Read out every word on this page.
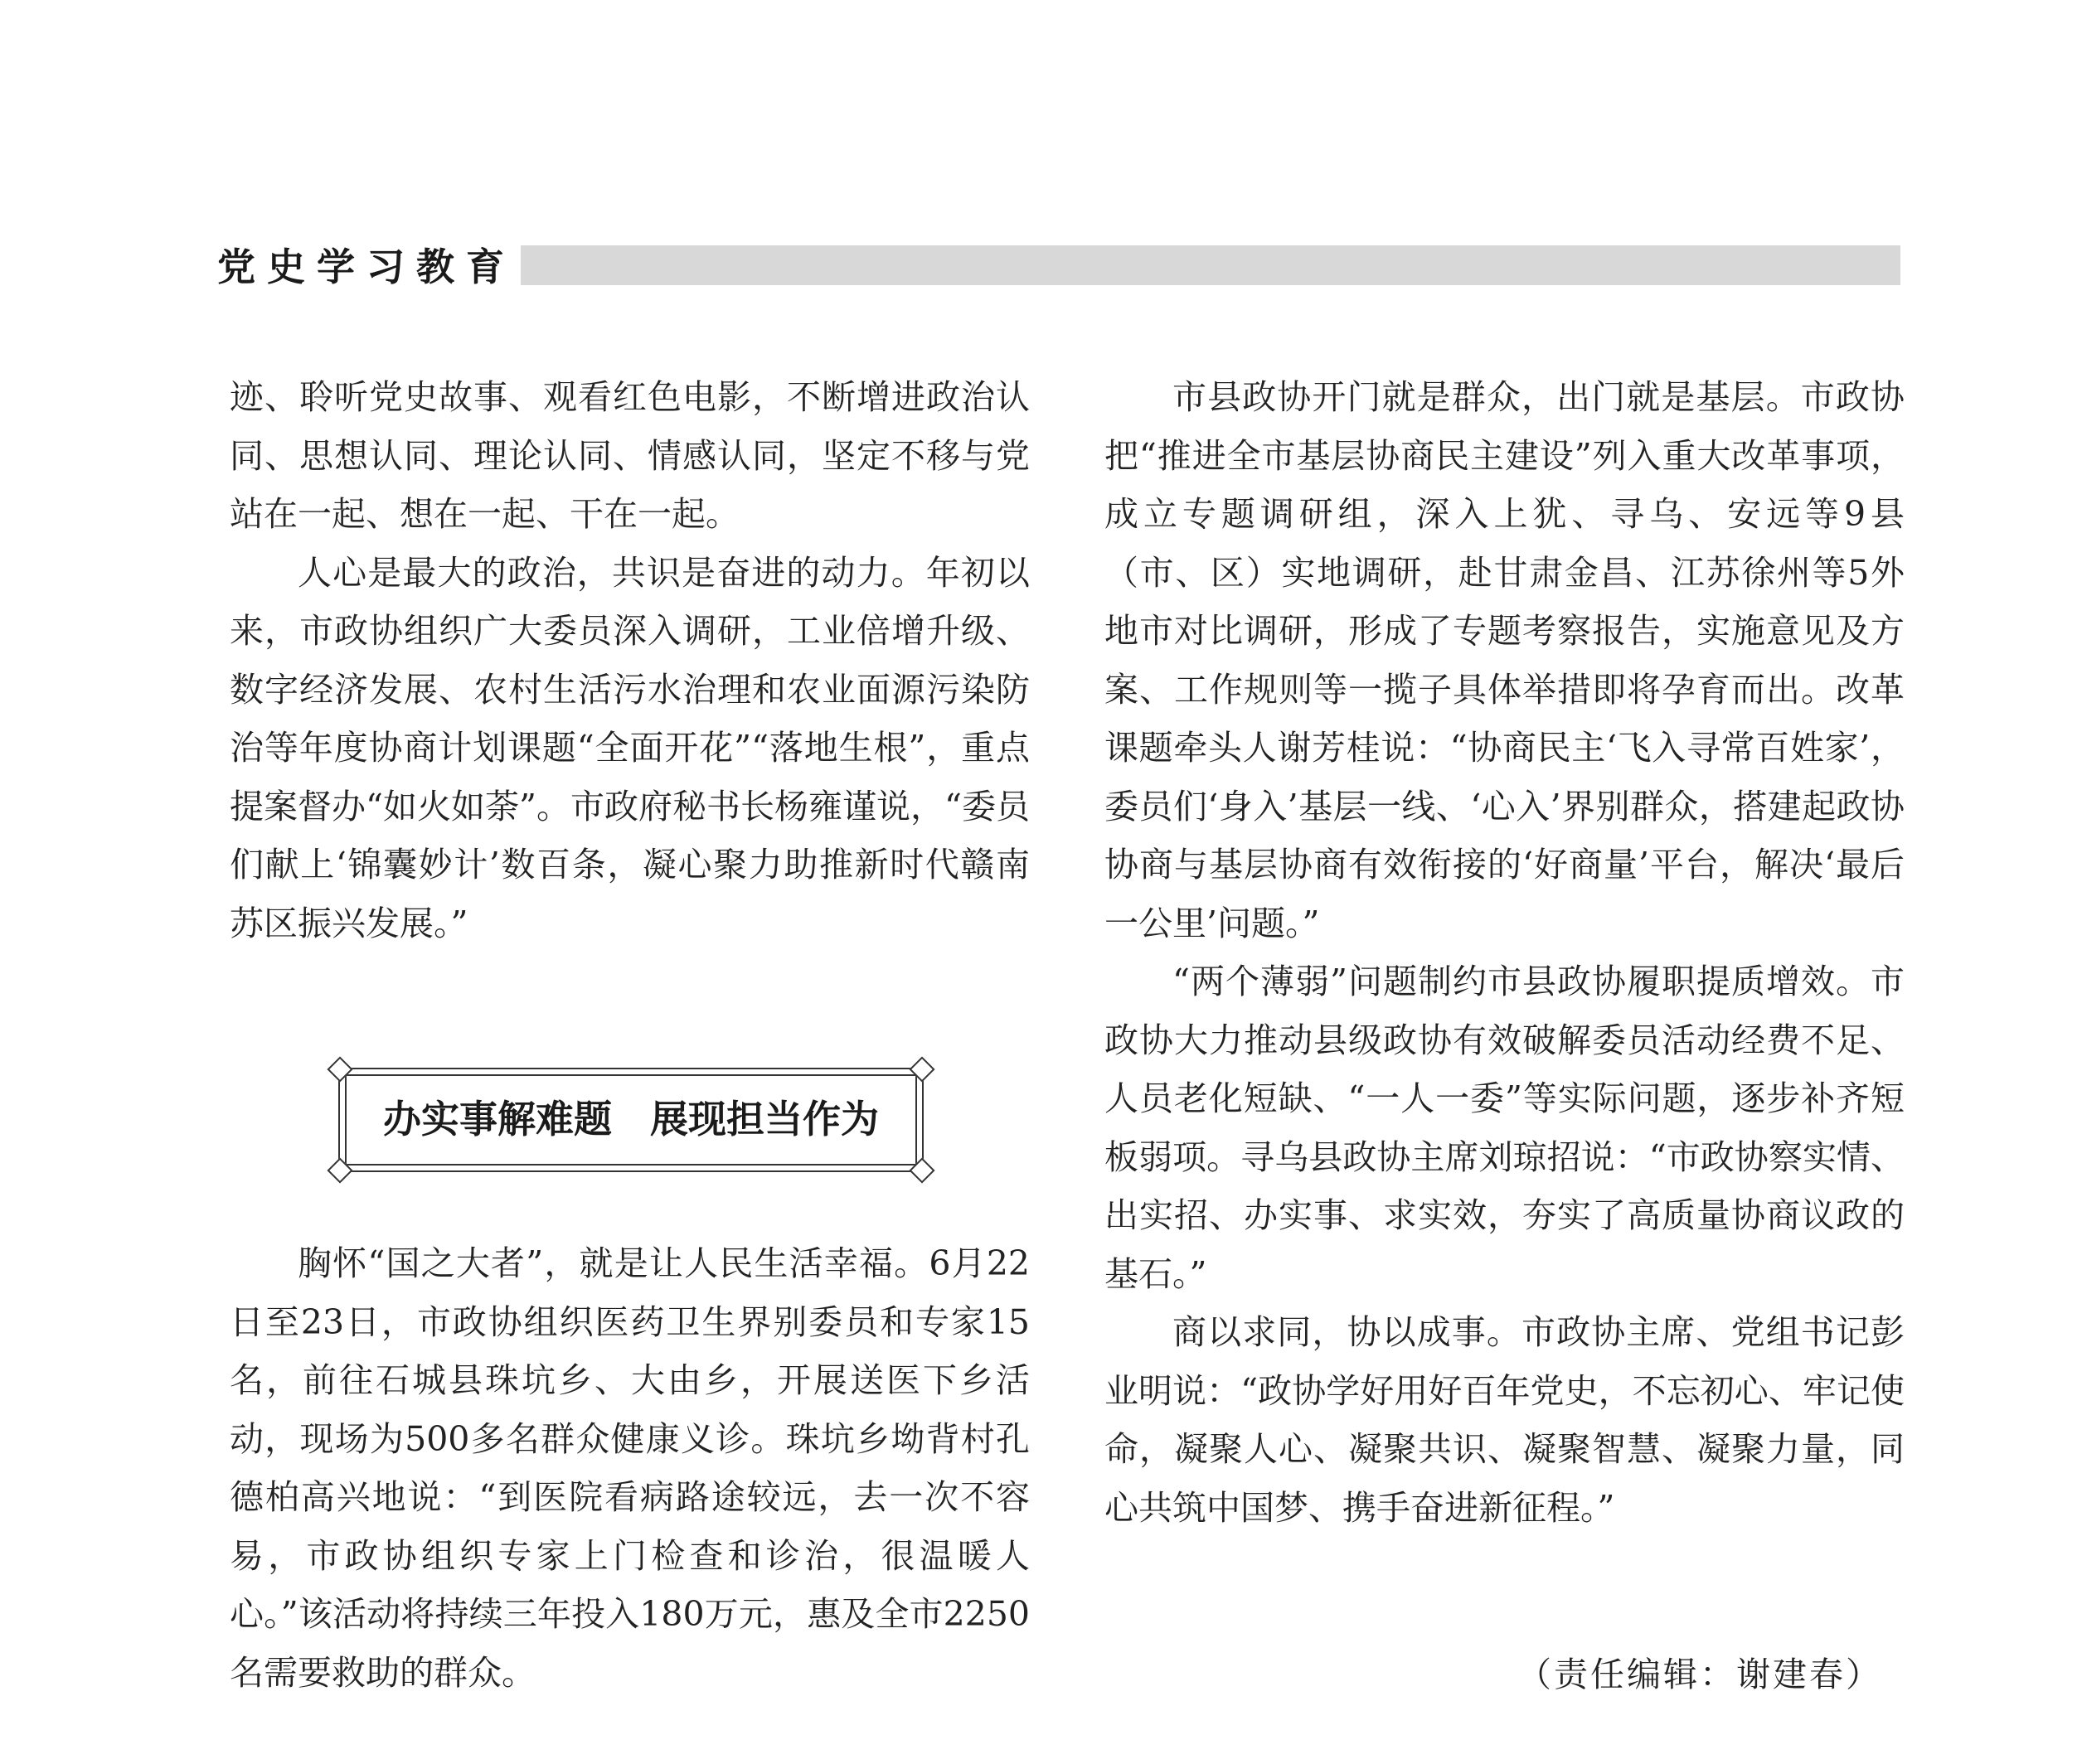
党史学习教育

迹、聆听党史故事、观看红色电影，不断增进政治认同、思想认同、理论认同、情感认同，坚定不移与党站在一起、想在一起、干在一起。

人心是最大的政治，共识是奋进的动力。年初以来，市政协组织广大委员深入调研，工业倍增升级、数字经济发展、农村生活污水治理和农业面源污染防治等年度协商计划课题“全面开花”“落地生根”，重点提案督办“如火如荼”。市政府秘书长杨雍谨说，“委员们献上‘锦囊妙计’数百条，凝心聚力助推新时代赣南苏区振兴发展。”

办实事解难题　展现担当作为

胸怀“国之大者”，就是让人民生活幸福。6月22日至23日，市政协组织医药卫生界别委员和专家15名，前往石城县珠坑乡、大由乡，开展送医下乡活动，现场为500多名群众健康义诊。珠坑乡坳背村孔德柏高兴地说：“到医院看病路途较远，去一次不容易，市政协组织专家上门检查和诊治，很温暖人心。”该活动将持续三年投入180万元，惠及全市2250名需要救助的群众。

市县政协开门就是群众，出门就是基层。市政协把“推进全市基层协商民主建设”列入重大改革事项，成立专题调研组，深入上犹、寻乌、安远等9县（市、区）实地调研，赴甘肃金昌、江苏徐州等5外地市对比调研，形成了专题考察报告，实施意见及方案、工作规则等一揽子具体举措即将孕育而出。改革课题牵头人谢芳桂说：“协商民主‘飞入寻常百姓家’，委员们‘身入’基层一线、‘心入’界别群众，搭建起政协协商与基层协商有效衔接的‘好商量’平台，解决‘最后一公里’问题。”

“两个薄弱”问题制约市县政协履职提质增效。市政协大力推动县级政协有效破解委员活动经费不足、人员老化短缺、“一人一委”等实际问题，逐步补齐短板弱项。寻乌县政协主席刘琼招说：“市政协察实情、出实招、办实事、求实效，夯实了高质量协商议政的基石。”

商以求同，协以成事。市政协主席、党组书记彭业明说：“政协学好用好百年党史，不忘初心、牢记使命，凝聚人心、凝聚共识、凝聚智慧、凝聚力量，同心共筑中国梦、携手奋进新征程。”

（责任编辑：谢建春）
